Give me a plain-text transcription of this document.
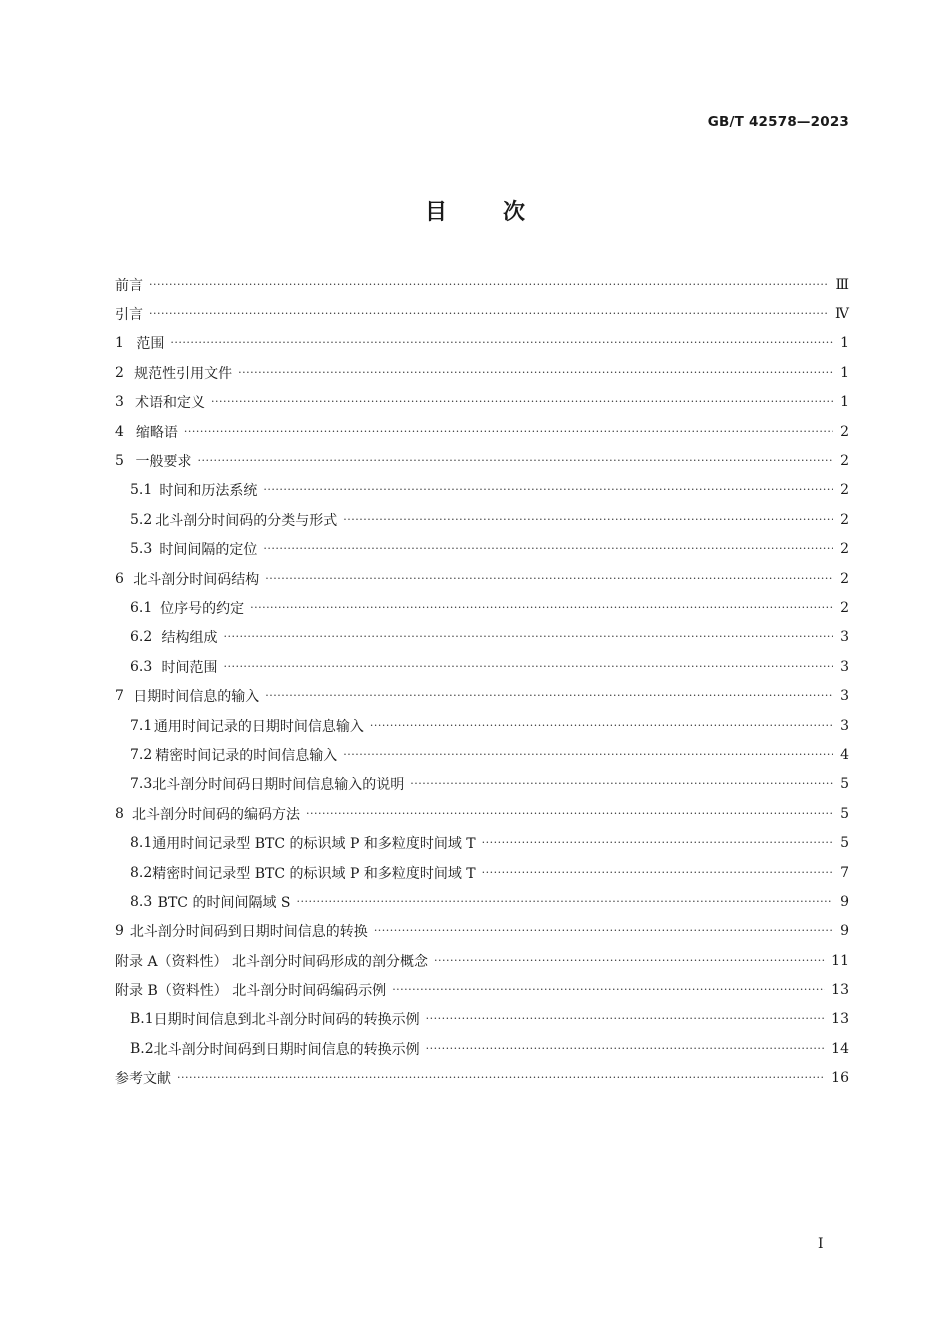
GB/T 42578—2023
目	次
前言 ·····	Ⅲ
引言 ·····	Ⅳ
1 范围 ·····	1
2 规范性引用文件 ·····	1
3 术语和定义 ·····	1
4 缩略语 ·····	2
5 一般要求 ·····	2
5.1 时间和历法系统 ·····	2
5.2 北斗剖分时间码的分类与形式 ·····	2
5.3 时间间隔的定位 ·····	2
6 北斗剖分时间码结构 ·····	2
6.1 位序号的约定 ·····	2
6.2 结构组成 ·····	3
6.3 时间范围 ·····	3
7 日期时间信息的输入 ·····	3
7.1 通用时间记录的日期时间信息输入 ·····	3
7.2 精密时间记录的时间信息输入 ·····	4
7.3 北斗剖分时间码日期时间信息输入的说明 ·····	5
8 北斗剖分时间码的编码方法 ·····	5
8.1 通用时间记录型 BTC 的标识域 P 和多粒度时间域 T ·····	5
8.2 精密时间记录型 BTC 的标识域 P 和多粒度时间域 T ·····	7
8.3 BTC 的时间间隔域 S ·····	9
9 北斗剖分时间码到日期时间信息的转换 ·····	9
附录 A（资料性） 北斗剖分时间码形成的剖分概念 ·····	11
附录 B（资料性） 北斗剖分时间码编码示例 ·····	13
B.1 日期时间信息到北斗剖分时间码的转换示例 ·····	13
B.2 北斗剖分时间码到日期时间信息的转换示例 ·····	14
参考文献 ·····	16
I
